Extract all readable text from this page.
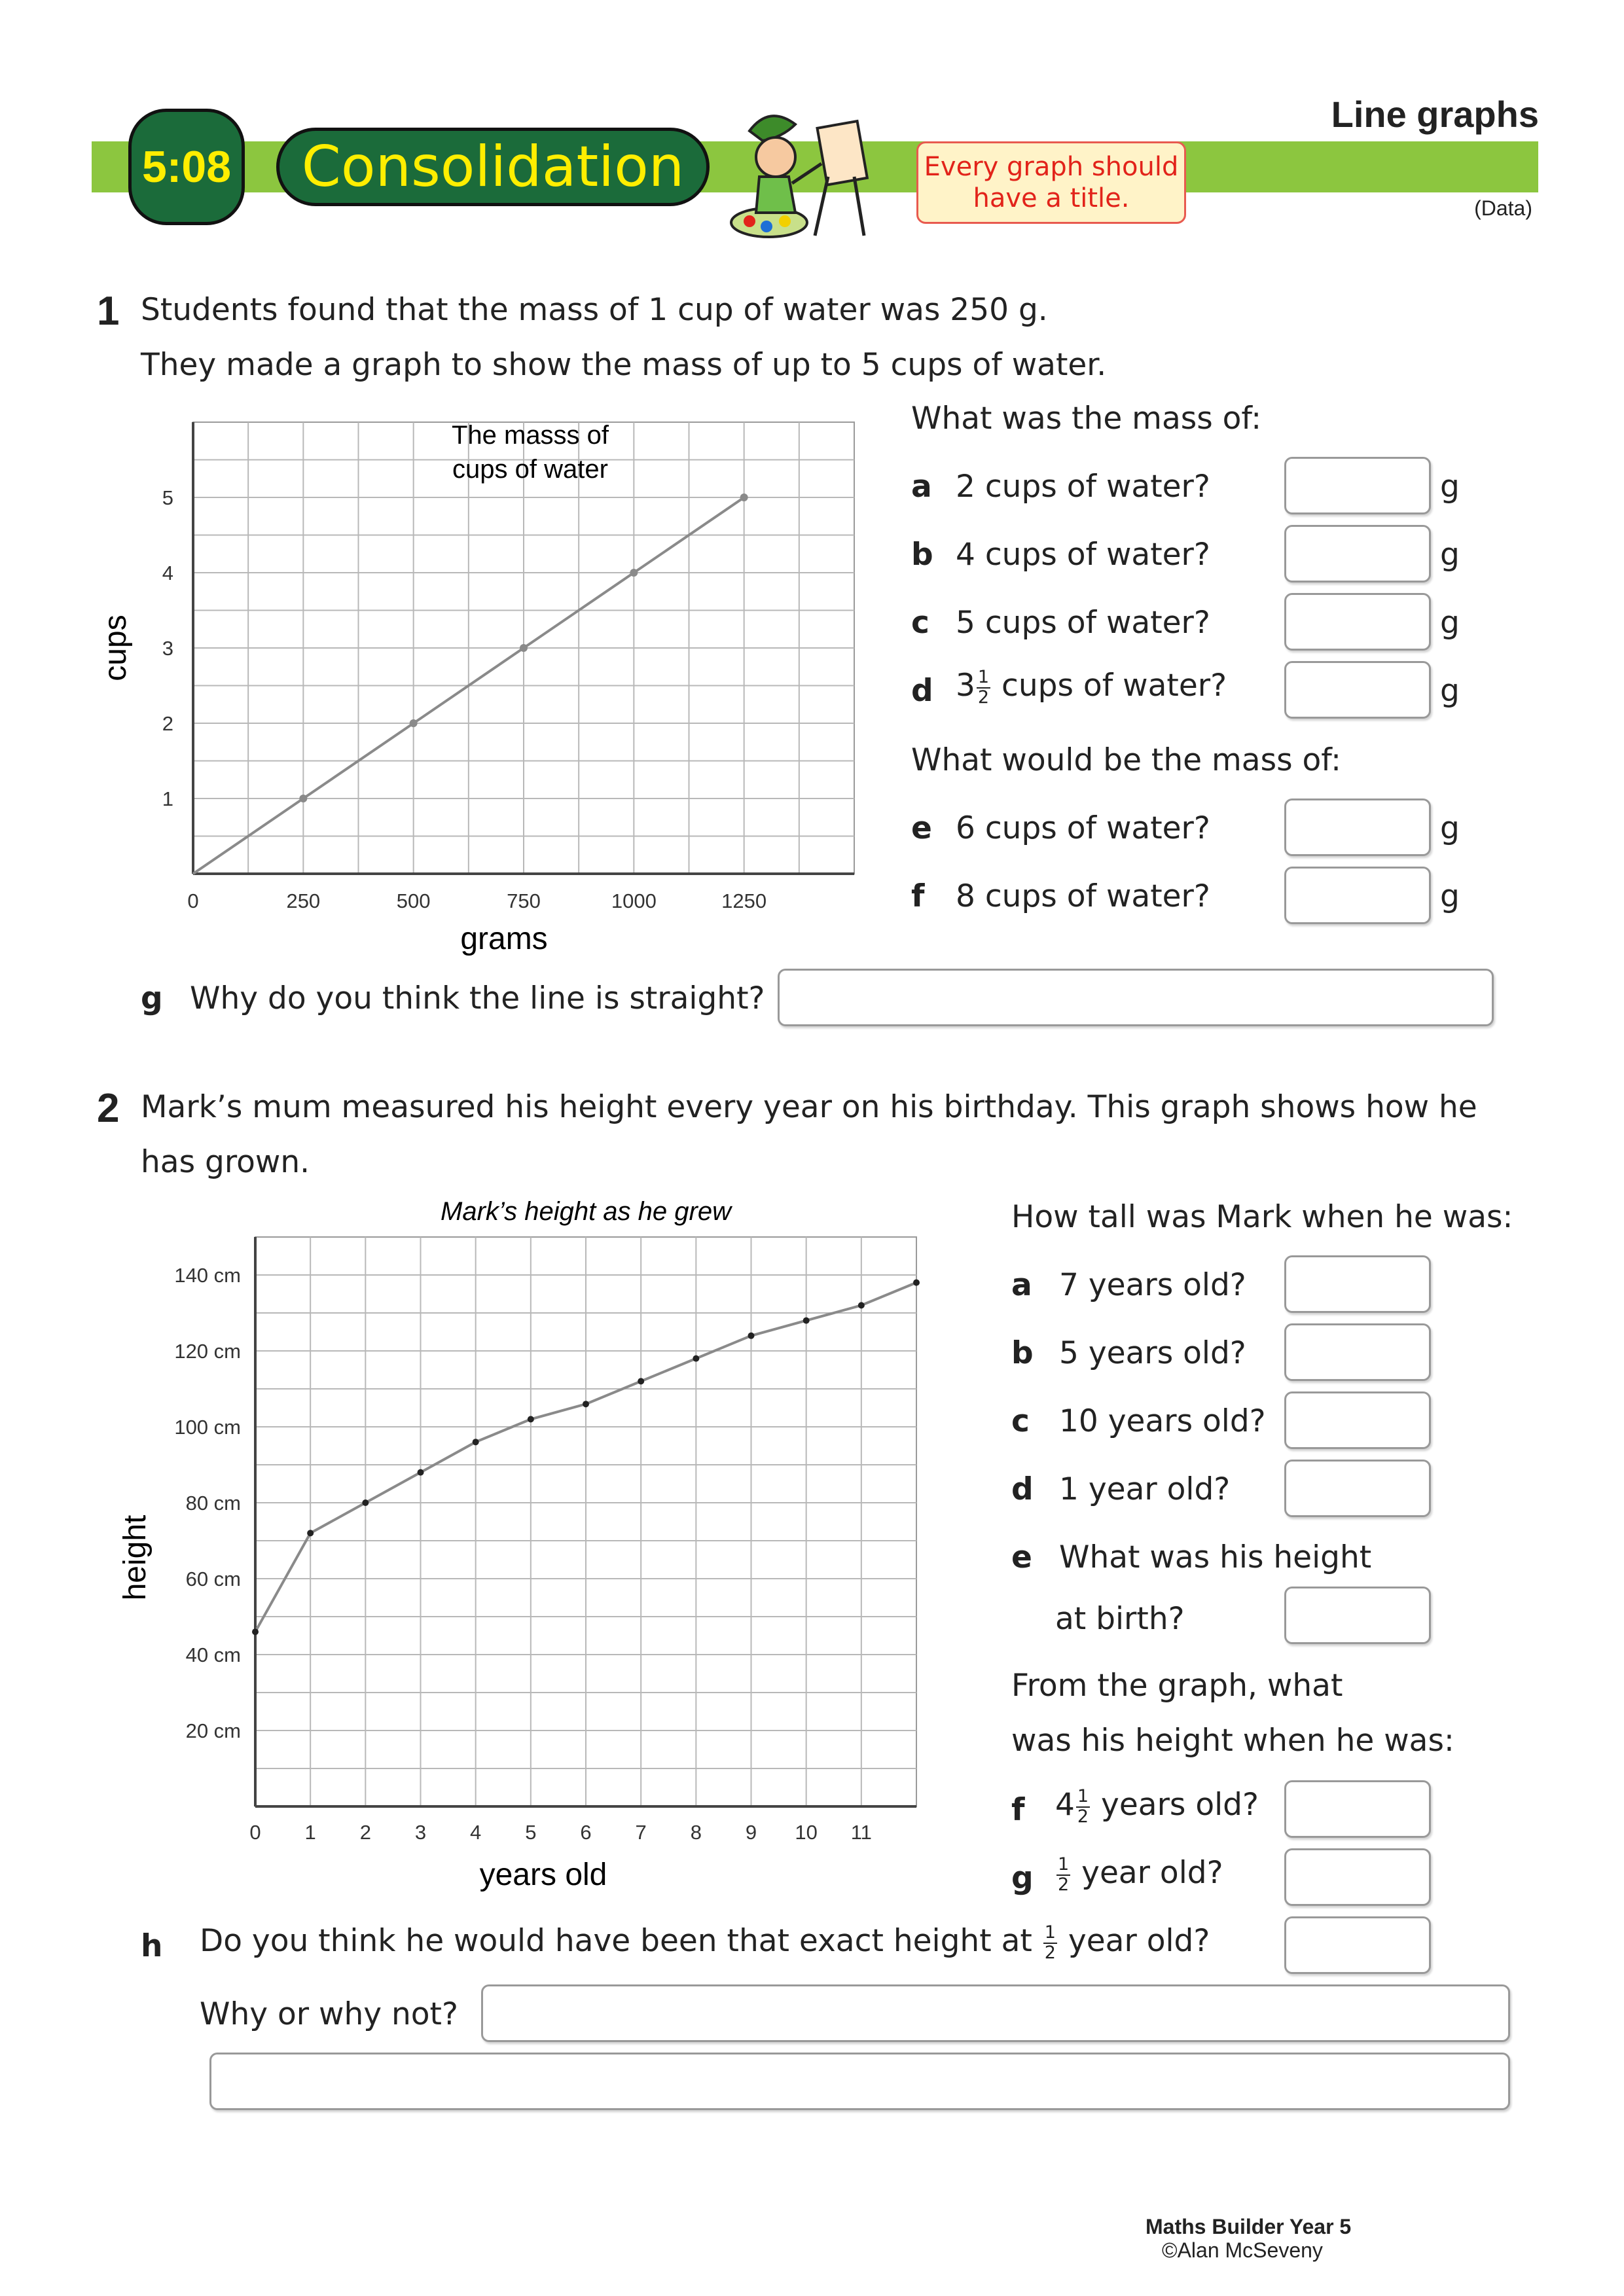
5:08	Consolidation	Every graph should
have a title.
Line graphs
(Data)
1 Students found that the mass of 1 cup of water was 250 g.
They made a graph to show the mass of up to 5 cups of water.
0	250	500	750	1000	1250
1
2
3
4
5
The masss of
cups of water
grams
cups
What was the mass of:
a 2 cups of water?	g
b 4 cups of water?	g
c 5 cups of water?	g
d $3 \frac{1}{2}$ cups of water?	g
What would be the mass of:
e 6 cups of water?	g
f 8 cups of water?	g
g Why do you think the line is straight?
2 Mark’s mum measured his height every year on his birthday. This graph shows how he
has grown.
0 1 2 3 4 5 6 7 8 9 10 11
20 cm
40 cm
60 cm
80 cm
100 cm
120 cm
140 cm
Mark’s height as he grew
years old
height
How tall was Mark when he was:
a 7 years old?
b 5 years old?
c 10 years old?
d 1 year old?
e What was his height
at birth?
From the graph, what
was his height when he was:
f $4 \frac{1}{2}$ years old?
g $\frac{1}{2}$ year old?
h Do you think he would have been that exact height at $\frac{1}{2}$ year old?
Why or why not?
Maths Builder Year 5
©Alan McSeveny
